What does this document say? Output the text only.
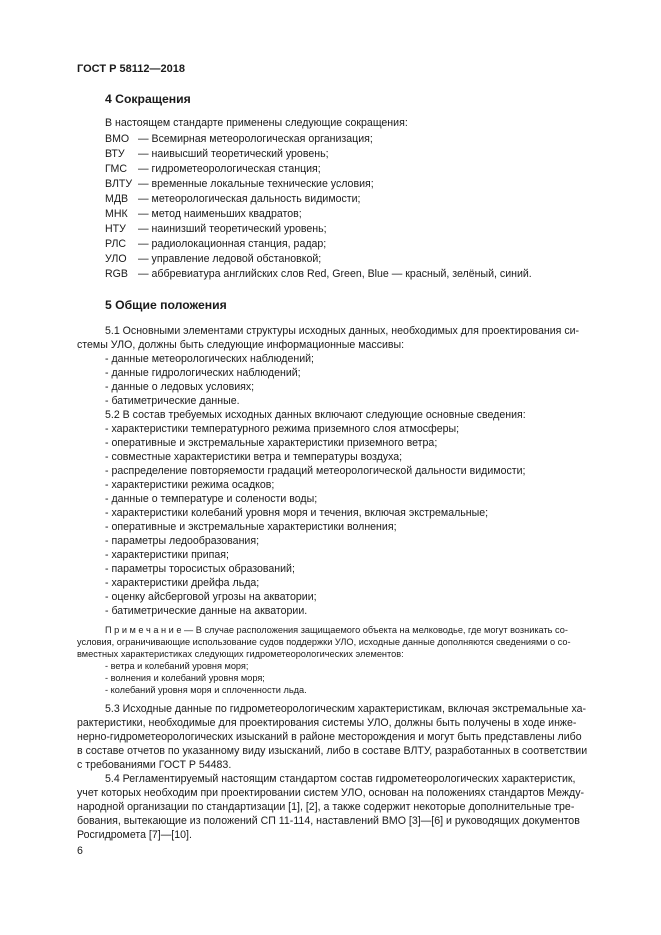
ГОСТ Р 58112—2018
4 Сокращения
В настоящем стандарте применены следующие сокращения:
ВМО — Всемирная метеорологическая организация;
ВТУ — наивысший теоретический уровень;
ГМС — гидрометеорологическая станция;
ВЛТУ — временные локальные технические условия;
МДВ — метеорологическая дальность видимости;
МНК — метод наименьших квадратов;
НТУ — наинизший теоретический уровень;
РЛС — радиолокационная станция, радар;
УЛО — управление ледовой обстановкой;
RGB — аббревиатура английских слов Red, Green, Blue — красный, зелёный, синий.
5 Общие положения
5.1 Основными элементами структуры исходных данных, необходимых для проектирования си-
стемы УЛО, должны быть следующие информационные массивы:
- данные метеорологических наблюдений;
- данные гидрологических наблюдений;
- данные о ледовых условиях;
- батиметрические данные.
5.2 В состав требуемых исходных данных включают следующие основные сведения:
- характеристики температурного режима приземного слоя атмосферы;
- оперативные и экстремальные характеристики приземного ветра;
- совместные характеристики ветра и температуры воздуха;
- распределение повторяемости градаций метеорологической дальности видимости;
- характеристики режима осадков;
- данные о температуре и солености воды;
- характеристики колебаний уровня моря и течения, включая экстремальные;
- оперативные и экстремальные характеристики волнения;
- параметры ледообразования;
- характеристики припая;
- параметры торосистых образований;
- характеристики дрейфа льда;
- оценку айсберговой угрозы на акватории;
- батиметрические данные на акватории.
П р и м е ч а н и е — В случае расположения защищаемого объекта на мелководье, где могут возникать со-
условия, ограничивающие использование судов поддержки УЛО, исходные данные дополняются сведениями о со-
вместных характеристиках следующих гидрометеорологических элементов:
- ветра и колебаний уровня моря;
- волнения и колебаний уровня моря;
- колебаний уровня моря и сплоченности льда.
5.3 Исходные данные по гидрометеорологическим характеристикам, включая экстремальные ха-
рактеристики, необходимые для проектирования системы УЛО, должны быть получены в ходе инже-
нерно-гидрометеорологических изысканий в районе месторождения и могут быть представлены либо
в составе отчетов по указанному виду изысканий, либо в составе ВЛТУ, разработанных в соответствии
с требованиями ГОСТ Р 54483.
5.4 Регламентируемый настоящим стандартом состав гидрометеорологических характеристик,
учет которых необходим при проектировании систем УЛО, основан на положениях стандартов Между-
народной организации по стандартизации [1], [2], а также содержит некоторые дополнительные тре-
бования, вытекающие из положений СП 11-114, наставлений ВМО [3]—[6] и руководящих документов
Росгидромета [7]—[10].
6
